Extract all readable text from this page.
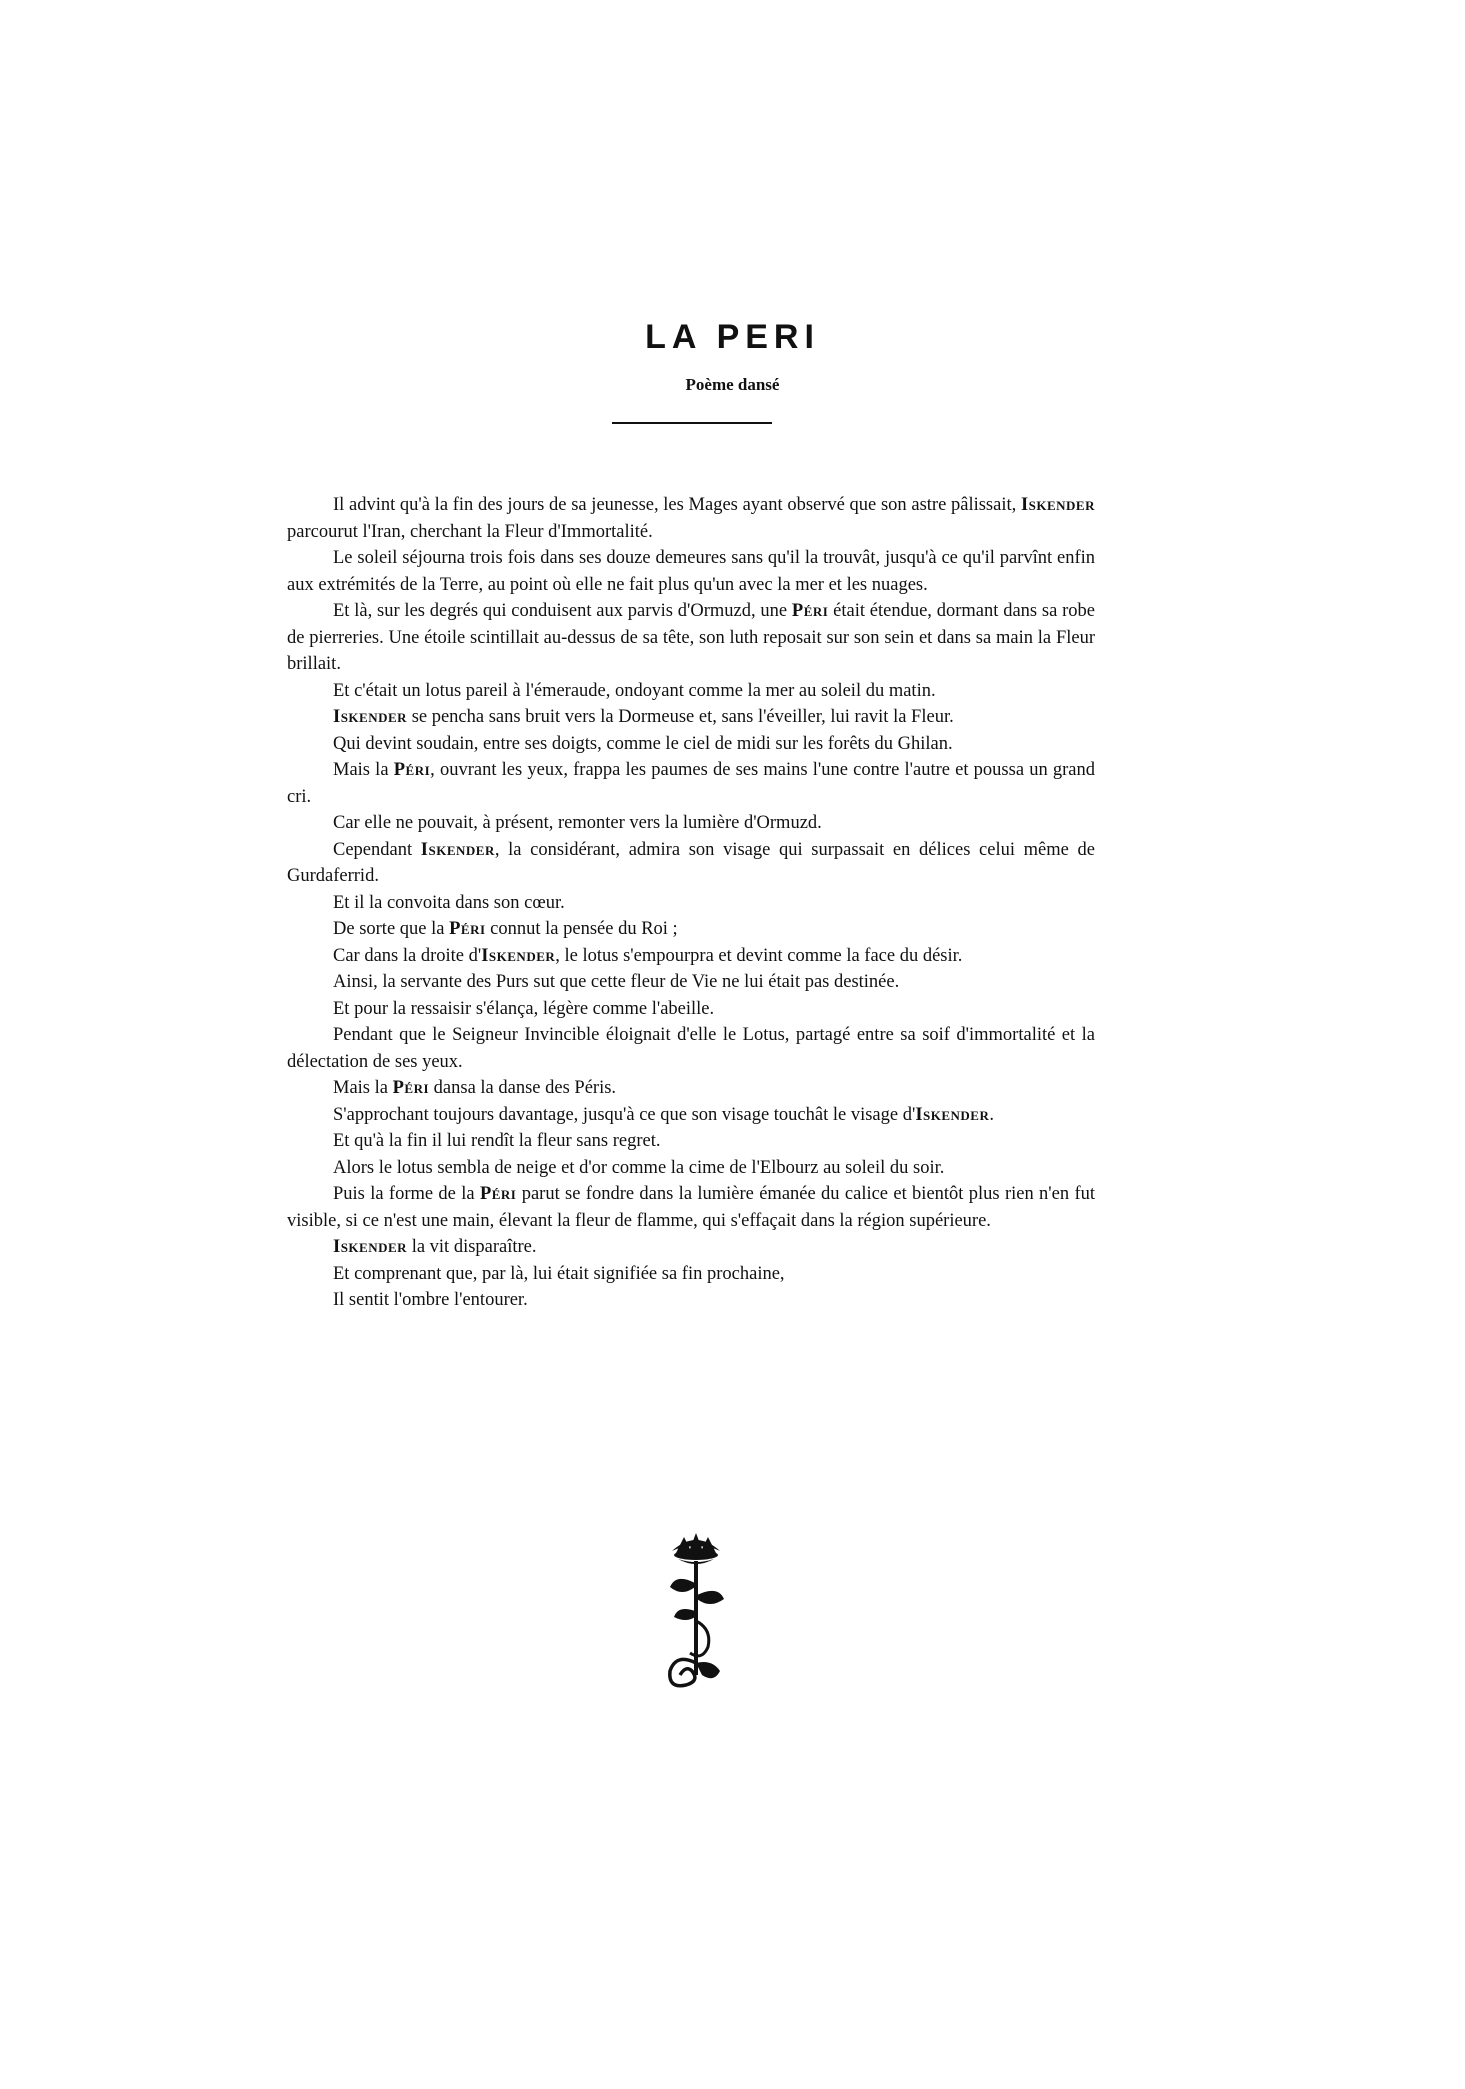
LA PERI
Poème dansé

Il advint qu'à la fin des jours de sa jeunesse, les Mages ayant observé que son astre pâlissait, Iskender parcourut l'Iran, cherchant la Fleur d'Immortalité.

Le soleil séjourna trois fois dans ses douze demeures sans qu'il la trouvât, jusqu'à ce qu'il parvînt enfin aux extrémités de la Terre, au point où elle ne fait plus qu'un avec la mer et les nuages.

Et là, sur les degrés qui conduisent aux parvis d'Ormuzd, une Péri était étendue, dormant dans sa robe de pierreries. Une étoile scintillait au-dessus de sa tête, son luth reposait sur son sein et dans sa main la Fleur brillait.

Et c'était un lotus pareil à l'émeraude, ondoyant comme la mer au soleil du matin.

Iskender se pencha sans bruit vers la Dormeuse et, sans l'éveiller, lui ravit la Fleur.

Qui devint soudain, entre ses doigts, comme le ciel de midi sur les forêts du Ghilan.

Mais la Péri, ouvrant les yeux, frappa les paumes de ses mains l'une contre l'autre et poussa un grand cri.

Car elle ne pouvait, à présent, remonter vers la lumière d'Ormuzd.

Cependant Iskender, la considérant, admira son visage qui surpassait en délices celui même de Gurdaferrid.

Et il la convoita dans son cœur.

De sorte que la Péri connut la pensée du Roi ;

Car dans la droite d'Iskender, le lotus s'empourpra et devint comme la face du désir.

Ainsi, la servante des Purs sut que cette fleur de Vie ne lui était pas destinée.

Et pour la ressaisir s'élança, légère comme l'abeille.

Pendant que le Seigneur Invincible éloignait d'elle le Lotus, partagé entre sa soif d'immortalité et la délectation de ses yeux.

Mais la Péri dansa la danse des Péris.

S'approchant toujours davantage, jusqu'à ce que son visage touchât le visage d'Iskender.

Et qu'à la fin il lui rendît la fleur sans regret.

Alors le lotus sembla de neige et d'or comme la cime de l'Elbourz au soleil du soir.

Puis la forme de la Péri parut se fondre dans la lumière émanée du calice et bientôt plus rien n'en fut visible, si ce n'est une main, élevant la fleur de flamme, qui s'effaçait dans la région supérieure.

Iskender la vit disparaître.

Et comprenant que, par là, lui était signifiée sa fin prochaine,

Il sentit l'ombre l'entourer.
